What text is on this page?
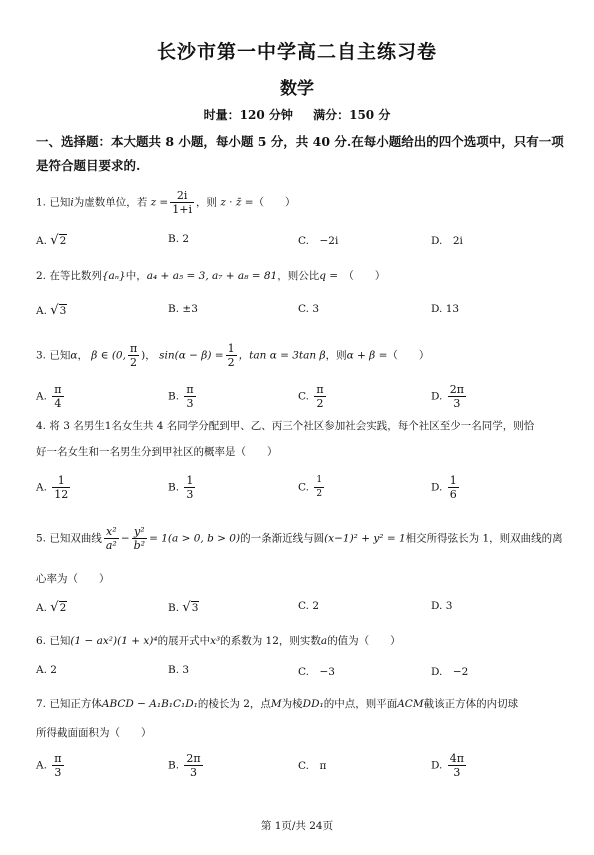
长沙市第一中学高二自主练习卷
数学
时量：120 分钟 满分：150 分
一、选择题：本大题共 8 小题，每小题 5 分，共 40 分.在每小题给出的四个选项中，只有一项是符合题目要求的.
1. 已知i为虚数单位，若 $z = \frac{2i}{1+i}$ ，则 z · z̄ =（　　）
A. √2	B. 2	C.　−2i	D.　2i
2. 在等比数列{aₙ}中，a₄ + a₅ = 3, a₇ + a₈ = 81，则公比q =　 （　　）
A. √3	B. ±3	C. 3	D. 13
3. 已知α， β ∈ (0, $\frac{\pi}{2}$ )， $\sin(\alpha - \beta) = \frac{1}{2}$ ，tan α = 3tan β，则α + β =（　　）
A. $\frac{\pi}{4}$	B. $\frac{\pi}{3}$	C. $\frac{\pi}{2}$	D. $\frac{2\pi}{3}$
4. 将 3 名男生1名女生共 4 名同学分配到甲、乙、丙三个社区参加社会实践，每个社区至少一名同学，则恰
好一名女生和一名男生分到甲社区的概率是（　　）
A. $\frac{1}{12}$	B. $\frac{1}{3}$	C. $\frac{1}{2}$	D. $\frac{1}{6}$
5. 已知双曲线 $\frac{\text{x²}}{\text{a²}} - \frac{\text{y²}}{\text{b²}} = 1(a > 0$, b > 0)的一条渐近线与圆(x−1)² + y² = 1相交所得弦长为 1，则双曲线的离
心率为（　　）
A. √2	B. √3	C. 2	D. 3
6. 已知(1 − ax²)(1 + x)⁴的展开式中x³的系数为 12，则实数a的值为（　　）
A. 2	B. 3	C.　−3	D.　−2
7. 已知正方体ABCD − A₁B₁C₁D₁的棱长为 2，点M为棱DD₁的中点，则平面ACM截该正方体的内切球
所得截面面积为（　　）
A. $\frac{\pi}{3}$	B. $\frac{2\pi}{3}$	C.　 π	D. $\frac{4\pi}{3}$
第 1页/共 24页
